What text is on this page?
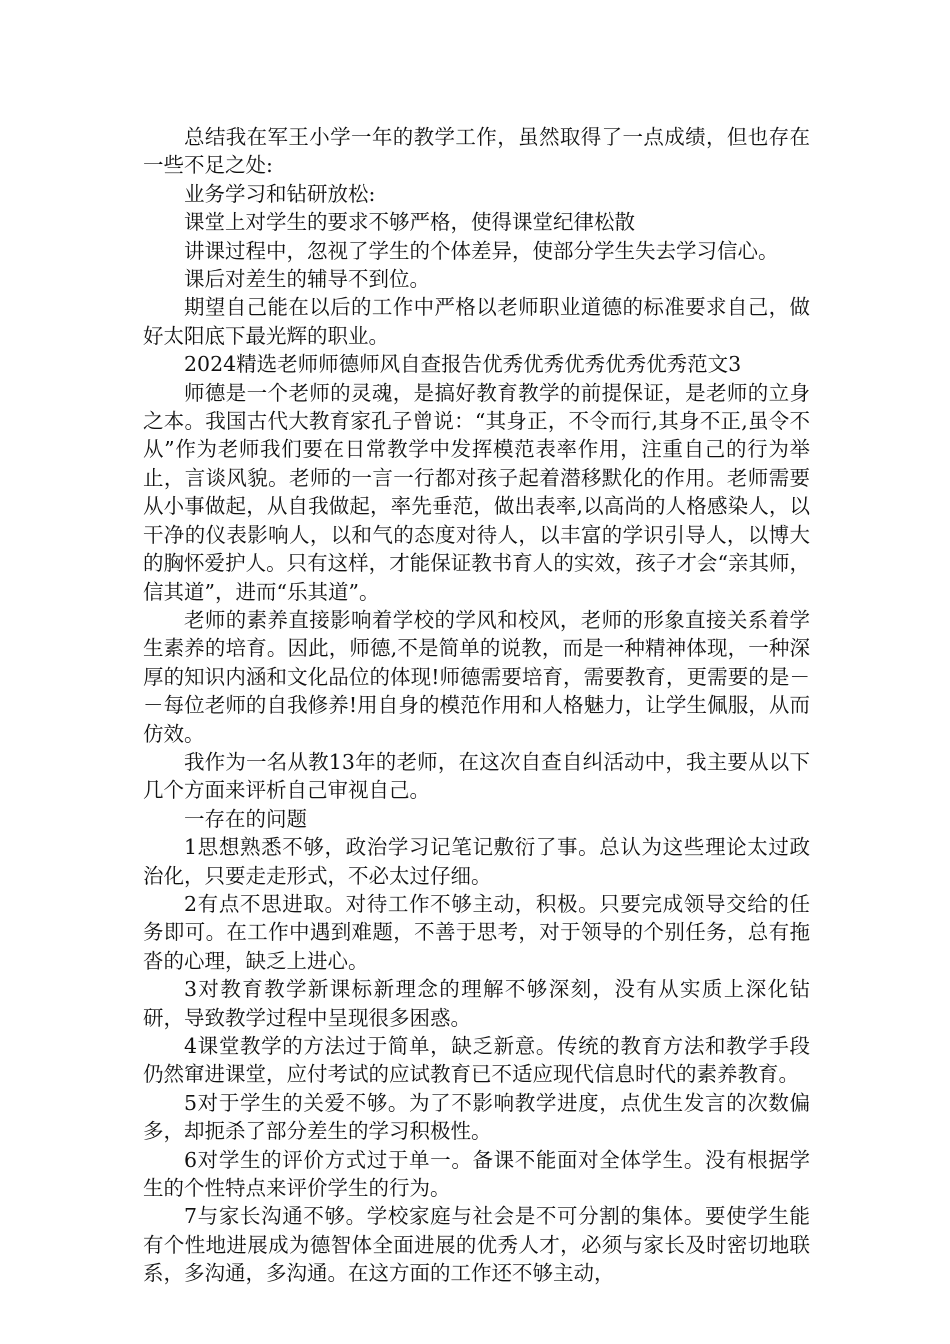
总结我在军王小学一年的教学工作，虽然取得了一点成绩，但也存在一些不足之处:

业务学习和钻研放松:

课堂上对学生的要求不够严格，使得课堂纪律松散

讲课过程中，忽视了学生的个体差异，使部分学生失去学习信心。

课后对差生的辅导不到位。

期望自己能在以后的工作中严格以老师职业道德的标准要求自己，做好太阳底下最光辉的职业。

2024精选老师师德师风自查报告优秀优秀优秀优秀优秀范文3

师德是一个老师的灵魂，是搞好教育教学的前提保证，是老师的立身之本。我国古代大教育家孔子曾说：“其身正，不令而行,其身不正,虽令不从”作为老师我们要在日常教学中发挥模范表率作用，注重自己的行为举止，言谈风貌。老师的一言一行都对孩子起着潜移默化的作用。老师需要从小事做起，从自我做起，率先垂范，做出表率,以高尚的人格感染人，以干净的仪表影响人，以和气的态度对待人，以丰富的学识引导人，以博大的胸怀爱护人。只有这样，才能保证教书育人的实效，孩子才会“亲其师，信其道”，进而“乐其道”。

老师的素养直接影响着学校的学风和校风，老师的形象直接关系着学生素养的培育。因此，师德,不是简单的说教，而是一种精神体现，一种深厚的知识内涵和文化品位的体现!师德需要培育，需要教育，更需要的是－－每位老师的自我修养!用自身的模范作用和人格魅力，让学生佩服，从而仿效。

我作为一名从教13年的老师，在这次自查自纠活动中，我主要从以下几个方面来评析自己审视自己。

一存在的问题

1思想熟悉不够，政治学习记笔记敷衍了事。总认为这些理论太过政治化，只要走走形式，不必太过仔细。

2有点不思进取。对待工作不够主动，积极。只要完成领导交给的任务即可。在工作中遇到难题，不善于思考，对于领导的个别任务，总有拖沓的心理，缺乏上进心。

3对教育教学新课标新理念的理解不够深刻，没有从实质上深化钻研，导致教学过程中呈现很多困惑。

4课堂教学的方法过于简单，缺乏新意。传统的教育方法和教学手段仍然窜进课堂，应付考试的应试教育已不适应现代信息时代的素养教育。

5对于学生的关爱不够。为了不影响教学进度，点优生发言的次数偏多，却扼杀了部分差生的学习积极性。

6对学生的评价方式过于单一。备课不能面对全体学生。没有根据学生的个性特点来评价学生的行为。

7与家长沟通不够。学校家庭与社会是不可分割的集体。要使学生能有个性地进展成为德智体全面进展的优秀人才，必须与家长及时密切地联系，多沟通，多沟通。在这方面的工作还不够主动，
